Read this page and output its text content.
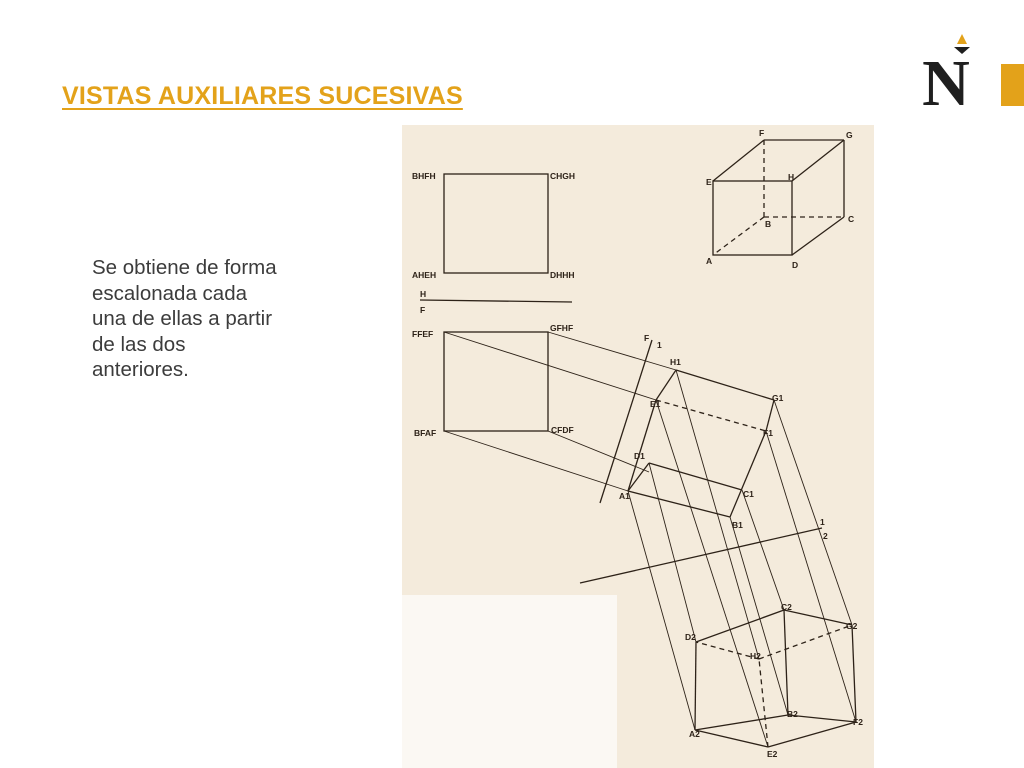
VISTAS AUXILIARES SUCESIVAS
Se obtiene de forma
escalonada cada
una de ellas a partir
de las dos
anteriores.
N
BHFH	CHGH
AHEH	DHHH
H
F
FFEF
GFHF
BFAF	CFDF
F
1
H1
E1
G1
F1
D1
C1
A1
B1	1
2
F	G
E	H
B	C
A	D
C2
D2
G2
H2
B2
A2
F2
E2
